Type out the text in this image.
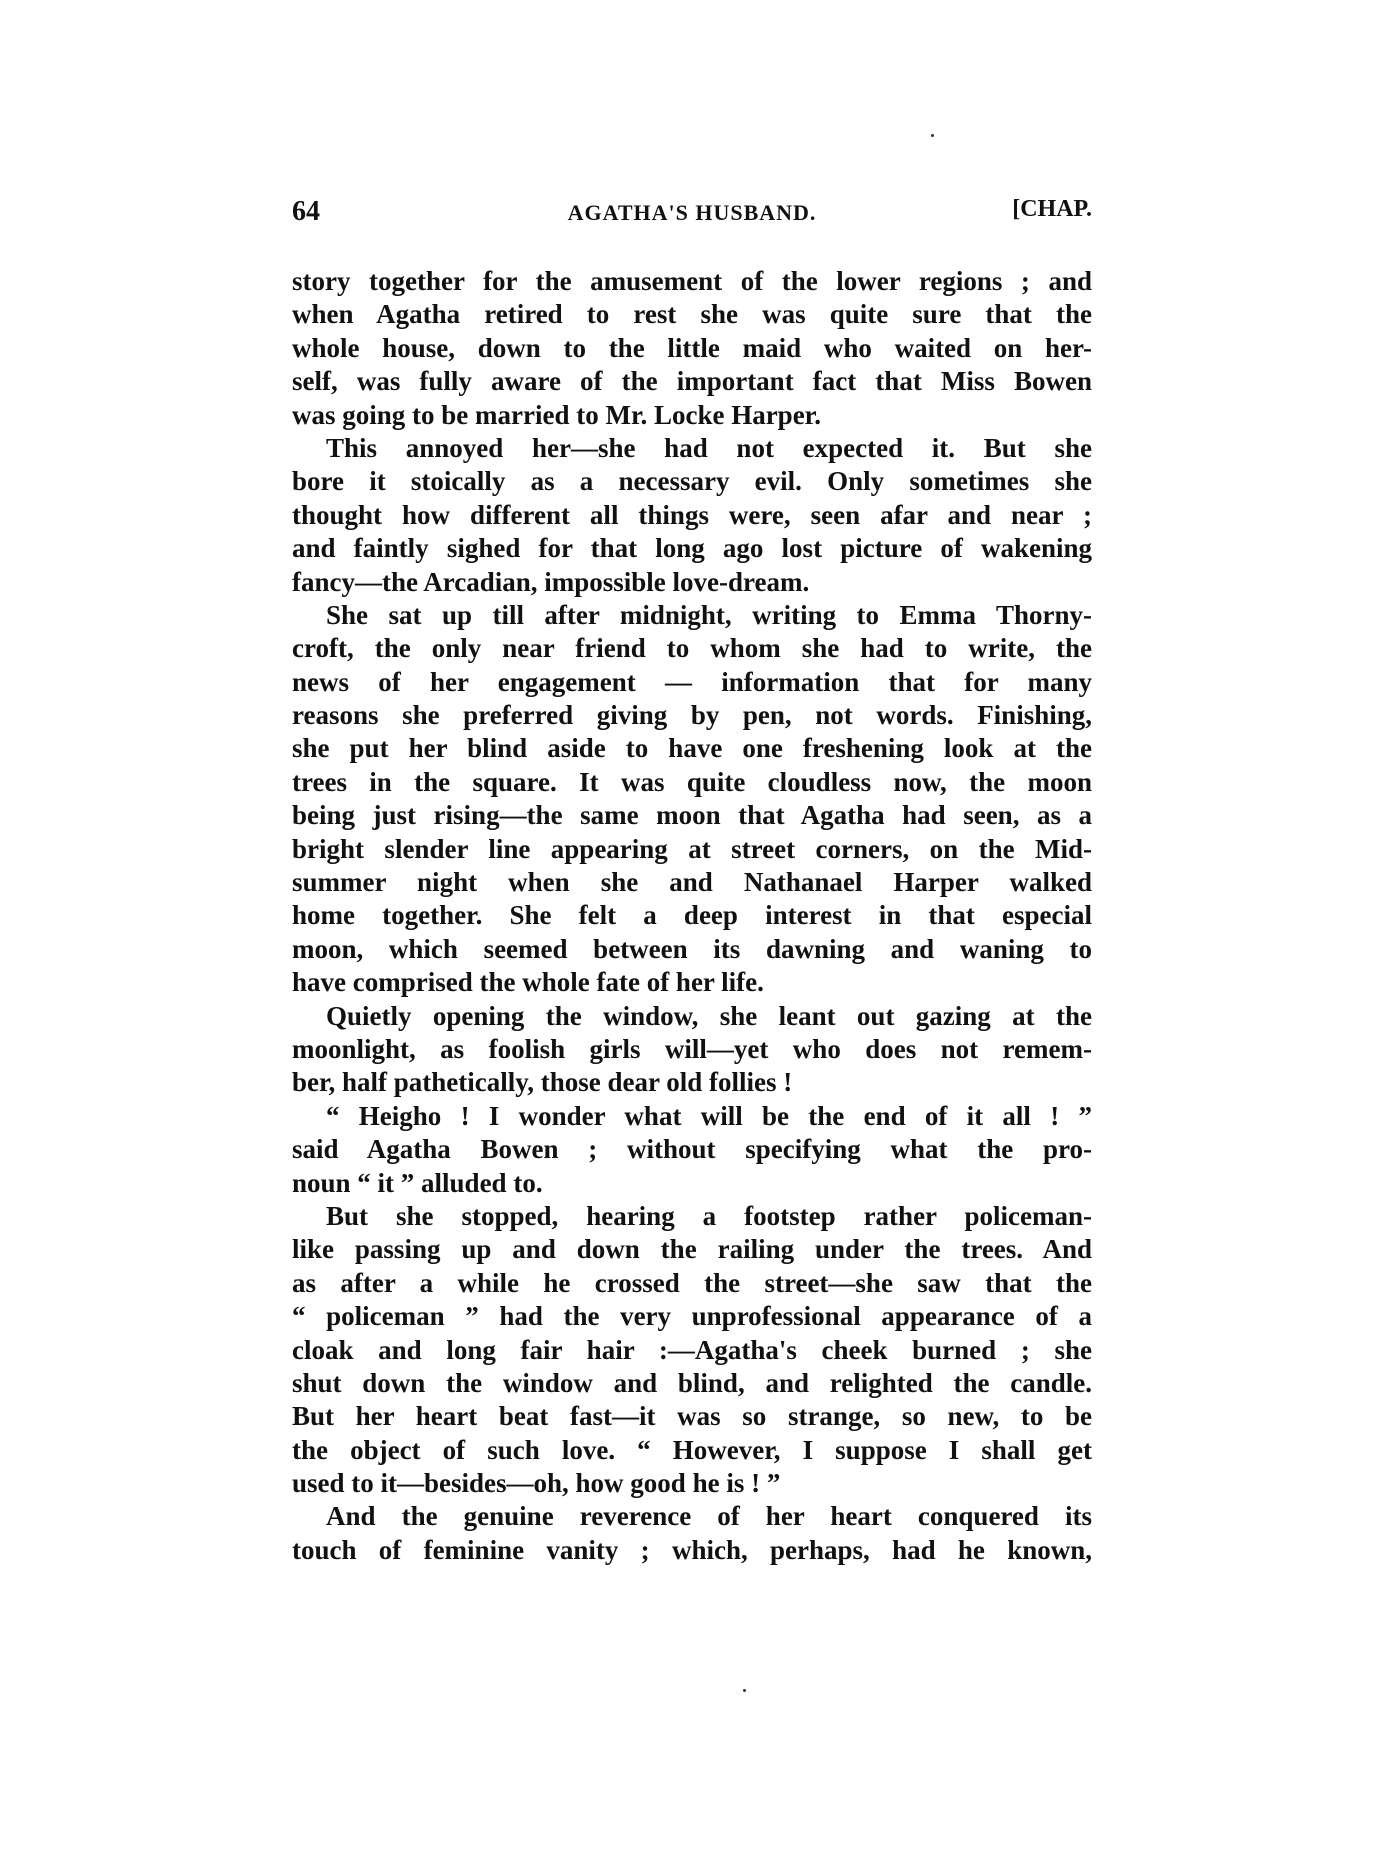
64	AGATHA'S HUSBAND.	[CHAP.
story together for the amusement of the lower regions ; and
when Agatha retired to rest she was quite sure that the
whole house, down to the little maid who waited on her-
self, was fully aware of the important fact that Miss Bowen
was going to be married to Mr. Locke Harper.
This annoyed her—she had not expected it. But she
bore it stoically as a necessary evil. Only sometimes she
thought how different all things were, seen afar and near ;
and faintly sighed for that long ago lost picture of wakening
fancy—the Arcadian, impossible love-dream.
She sat up till after midnight, writing to Emma Thorny-
croft, the only near friend to whom she had to write, the
news of her engagement — information that for many
reasons she preferred giving by pen, not words. Finishing,
she put her blind aside to have one freshening look at the
trees in the square. It was quite cloudless now, the moon
being just rising—the same moon that Agatha had seen, as a
bright slender line appearing at street corners, on the Mid-
summer night when she and Nathanael Harper walked
home together. She felt a deep interest in that especial
moon, which seemed between its dawning and waning to
have comprised the whole fate of her life.
Quietly opening the window, she leant out gazing at the
moonlight, as foolish girls will—yet who does not remem-
ber, half pathetically, those dear old follies !
“ Heigho ! I wonder what will be the end of it all ! ”
said Agatha Bowen ; without specifying what the pro-
noun “ it ” alluded to.
But she stopped, hearing a footstep rather policeman-
like passing up and down the railing under the trees. And
as after a while he crossed the street—she saw that the
“ policeman ” had the very unprofessional appearance of a
cloak and long fair hair :—Agatha's cheek burned ; she
shut down the window and blind, and relighted the candle.
But her heart beat fast—it was so strange, so new, to be
the object of such love. “ However, I suppose I shall get
used to it—besides—oh, how good he is ! ”
And the genuine reverence of her heart conquered its
touch of feminine vanity ; which, perhaps, had he known,
